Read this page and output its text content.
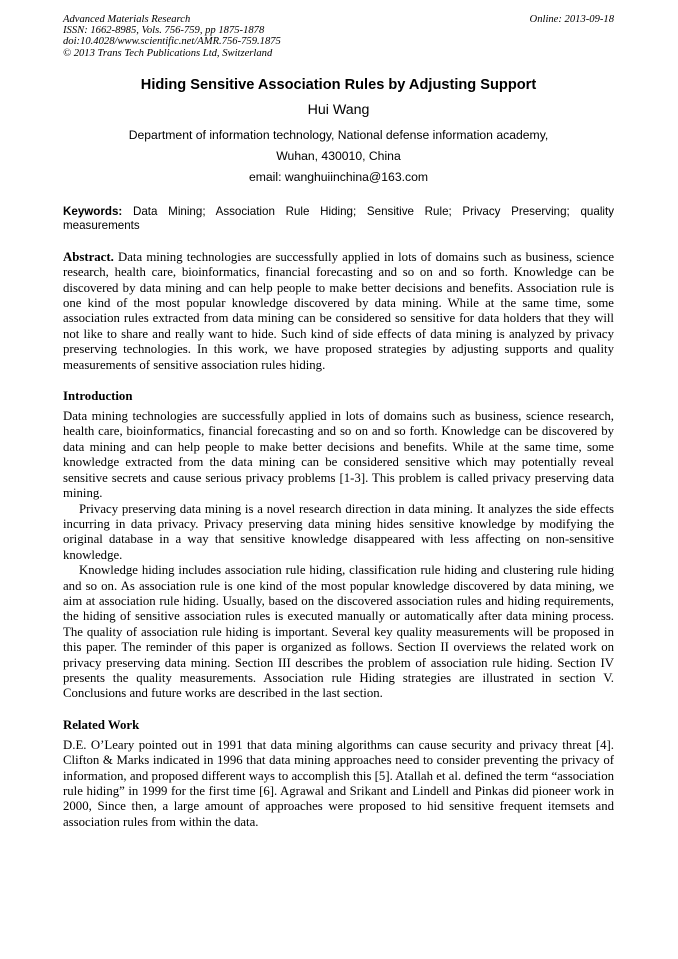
Advanced Materials Research
ISSN: 1662-8985, Vols. 756-759, pp 1875-1878
doi:10.4028/www.scientific.net/AMR.756-759.1875
© 2013 Trans Tech Publications Ltd, Switzerland
Online: 2013-09-18
Hiding Sensitive Association Rules by Adjusting Support
Hui Wang
Department of information technology, National defense information academy,
Wuhan, 430010, China
email: wanghuiinchina@163.com
Keywords: Data Mining; Association Rule Hiding; Sensitive Rule; Privacy Preserving; quality measurements
Abstract. Data mining technologies are successfully applied in lots of domains such as business, science research, health care, bioinformatics, financial forecasting and so on and so forth. Knowledge can be discovered by data mining and can help people to make better decisions and benefits. Association rule is one kind of the most popular knowledge discovered by data mining. While at the same time, some association rules extracted from data mining can be considered so sensitive for data holders that they will not like to share and really want to hide. Such kind of side effects of data mining is analyzed by privacy preserving technologies. In this work, we have proposed strategies by adjusting supports and quality measurements of sensitive association rules hiding.
Introduction
Data mining technologies are successfully applied in lots of domains such as business, science research, health care, bioinformatics, financial forecasting and so on and so forth. Knowledge can be discovered by data mining and can help people to make better decisions and benefits. While at the same time, some knowledge extracted from the data mining can be considered sensitive which may potentially reveal sensitive secrets and cause serious privacy problems [1-3]. This problem is called privacy preserving data mining.
Privacy preserving data mining is a novel research direction in data mining. It analyzes the side effects incurring in data privacy. Privacy preserving data mining hides sensitive knowledge by modifying the original database in a way that sensitive knowledge disappeared with less affecting on non-sensitive knowledge.
Knowledge hiding includes association rule hiding, classification rule hiding and clustering rule hiding and so on. As association rule is one kind of the most popular knowledge discovered by data mining, we aim at association rule hiding. Usually, based on the discovered association rules and hiding requirements, the hiding of sensitive association rules is executed manually or automatically after data mining process. The quality of association rule hiding is important. Several key quality measurements will be proposed in this paper. The reminder of this paper is organized as follows. Section II overviews the related work on privacy preserving data mining. Section III describes the problem of association rule hiding. Section IV presents the quality measurements. Association rule Hiding strategies are illustrated in section V. Conclusions and future works are described in the last section.
Related Work
D.E. O’Leary pointed out in 1991 that data mining algorithms can cause security and privacy threat [4]. Clifton & Marks indicated in 1996 that data mining approaches need to consider preventing the privacy of information, and proposed different ways to accomplish this [5]. Atallah et al. defined the term “association rule hiding” in 1999 for the first time [6]. Agrawal and Srikant and Lindell and Pinkas did pioneer work in 2000, Since then, a large amount of approaches were proposed to hid sensitive frequent itemsets and association rules from within the data.
